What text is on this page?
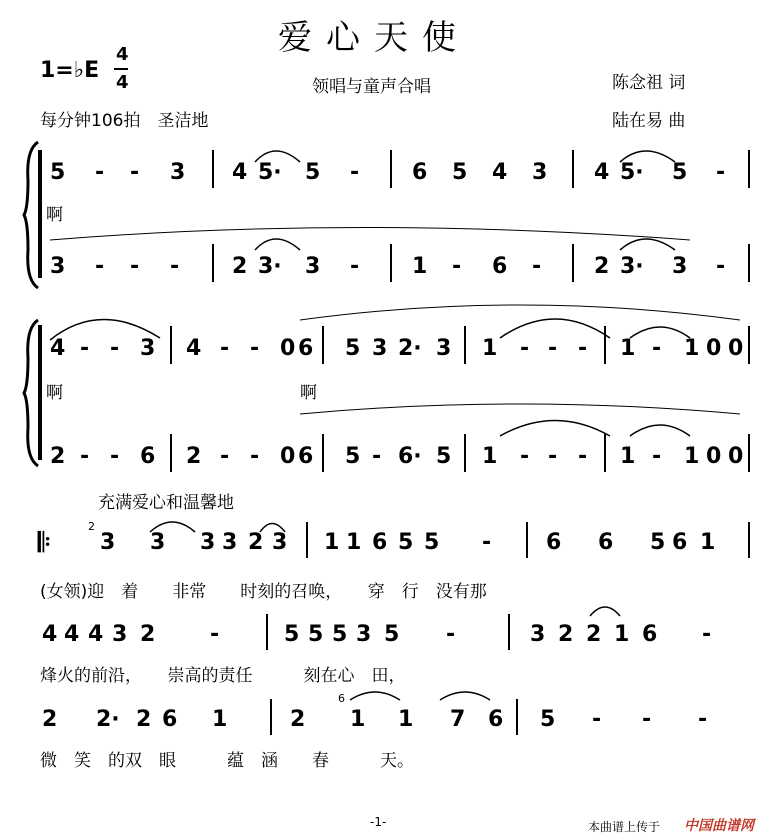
爱心天使
1=♭E
4
4	领唱与童声合唱	陈念祖 词
陆在易 曲
每分钟106拍　圣洁地
5 - - 3 4 5· 5 - 6 5 4 3 4 5· 5 -
3 - - - 2 3· 3 - 1 - 6 - 2 3· 3 -
啊
4 - - 3 4 - - 0 6 5 3 2· 3 1 - - - 1 - 1 0 0
2 - - 6 2 - - 0 6 5 - 6· 5 1 - - - 1 - 1 0 0
啊	啊
充满爱心和温馨地
𝄆
2
3 3 3 3 2 3 1 1 6 5 5 - 6 6 5 6 1
(女领)迎　着　　非常　　时刻的召唤，　　穿　行　没有那
4 4 4 3 2 -	5 5 5 3 5 -	3 2 2 1 6 -
烽火的前沿，　　崇高的责任　　　刻在心　田，
6
2 2· 2 6 1	2 1 1 7 6 5 - - -
微　笑　的双　眼　　　蕴　涵　　春　　　天。
-1-	本曲谱上传于 中国曲谱网
